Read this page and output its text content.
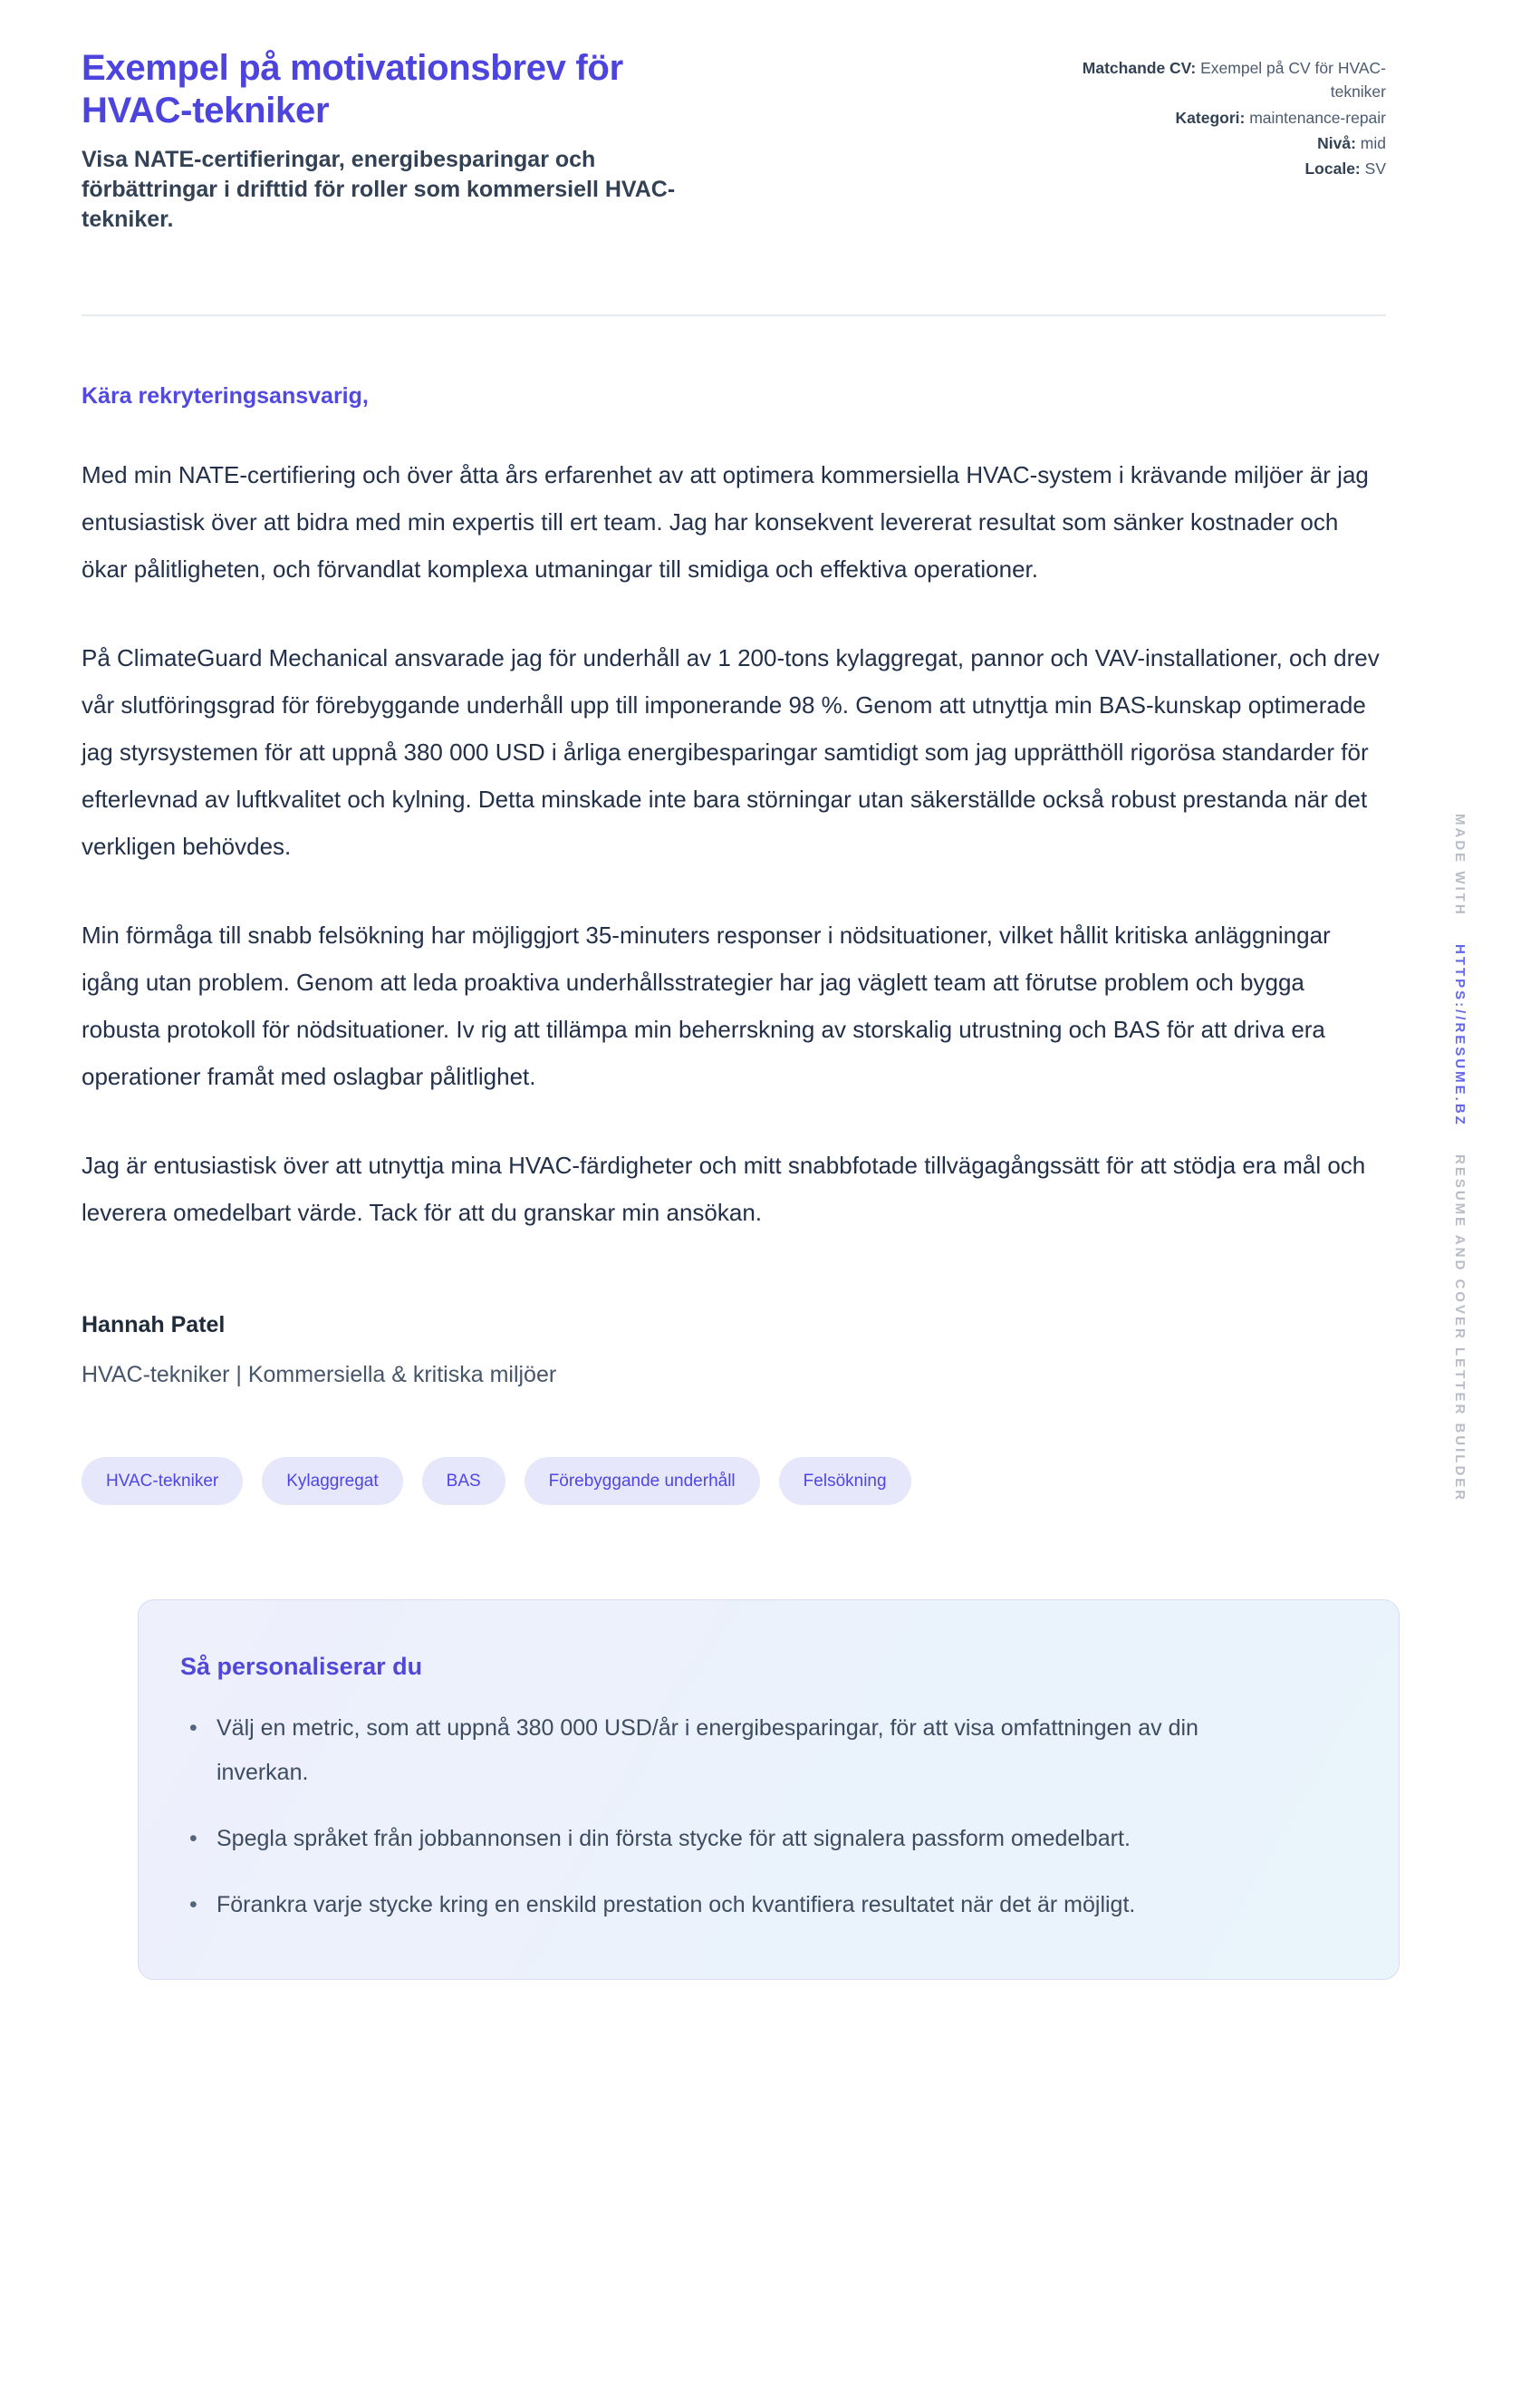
Exempel på motivationsbrev för HVAC-tekniker
Visa NATE-certifieringar, energibesparingar och förbättringar i drifttid för roller som kommersiell HVAC-tekniker.
Matchande CV: Exempel på CV för HVAC-tekniker
Kategori: maintenance-repair
Nivå: mid
Locale: SV
Kära rekryteringsansvarig,

Med min NATE-certifiering och över åtta års erfarenhet av att optimera kommersiella HVAC-system i krävande miljöer är jag entusiastisk över att bidra med min expertis till ert team. Jag har konsekvent levererat resultat som sänker kostnader och ökar pålitligheten, och förvandlat komplexa utmaningar till smidiga och effektiva operationer.

På ClimateGuard Mechanical ansvarade jag för underhåll av 1 200-tons kylaggregat, pannor och VAV-installationer, och drev vår slutföringsgrad för förebyggande underhåll upp till imponerande 98 %. Genom att utnyttja min BAS-kunskap optimerade jag styrsystemen för att uppnå 380 000 USD i årliga energibesparingar samtidigt som jag upprätthöll rigorösa standarder för efterlevnad av luftkvalitet och kylning. Detta minskade inte bara störningar utan säkerställde också robust prestanda när det verkligen behövdes.

Min förmåga till snabb felsökning har möjliggjort 35-minuters responser i nödsituationer, vilket hållit kritiska anläggningar igång utan problem. Genom att leda proaktiva underhållsstrategier har jag väglett team att förutse problem och bygga robusta protokoll för nödsituationer. Iv rig att tillämpa min beherrskning av storskalig utrustning och BAS för att driva era operationer framåt med oslagbar pålitlighet.

Jag är entusiastisk över att utnyttja mina HVAC-färdigheter och mitt snabbfotade tillvägagångssätt för att stödja era mål och leverera omedelbart värde. Tack för att du granskar min ansökan.

Hannah Patel
HVAC-tekniker | Kommersiella & kritiska miljöer
HVAC-tekniker	Kylaggregat	BAS	Förebyggande underhåll	Felsökning
Så personaliserar du
• Välj en metric, som att uppnå 380 000 USD/år i energibesparingar, för att visa omfattningen av din inverkan.
• Spegla språket från jobbannonsen i din första stycke för att signalera passform omedelbart.
• Förankra varje stycke kring en enskild prestation och kvantifiera resultatet när det är möjligt.
MADE WITH
HTTPS://RESUME.BZ
RESUME AND COVER LETTER BUILDER
